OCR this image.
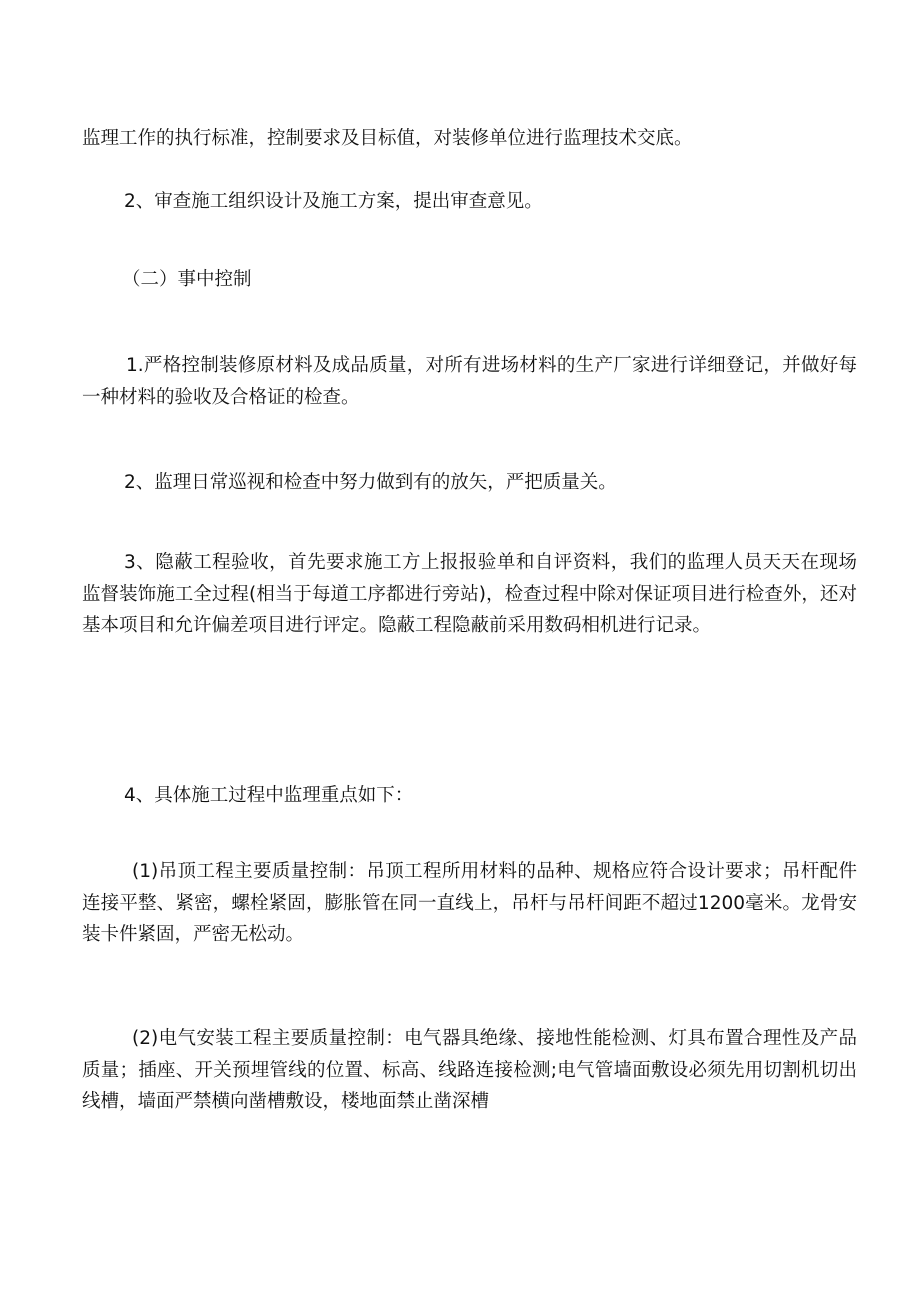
监理工作的执行标准，控制要求及目标值，对装修单位进行监理技术交底。

2、审查施工组织设计及施工方案，提出审查意见。

（二）事中控制

1.严格控制装修原材料及成品质量，对所有进场材料的生产厂家进行详细登记，并做好每一种材料的验收及合格证的检查。

2、监理日常巡视和检查中努力做到有的放矢，严把质量关。

3、隐蔽工程验收，首先要求施工方上报报验单和自评资料，我们的监理人员天天在现场监督装饰施工全过程(相当于每道工序都进行旁站)，检查过程中除对保证项目进行检查外，还对基本项目和允许偏差项目进行评定。隐蔽工程隐蔽前采用数码相机进行记录。

4、具体施工过程中监理重点如下：

(1)吊顶工程主要质量控制：吊顶工程所用材料的品种、规格应符合设计要求；吊杆配件连接平整、紧密，螺栓紧固，膨胀管在同一直线上，吊杆与吊杆间距不超过1200毫米。龙骨安装卡件紧固，严密无松动。

(2)电气安装工程主要质量控制：电气器具绝缘、接地性能检测、灯具布置合理性及产品质量；插座、开关预埋管线的位置、标高、线路连接检测;电气管墙面敷设必须先用切割机切出线槽，墙面严禁横向凿槽敷设，楼地面禁止凿深槽
